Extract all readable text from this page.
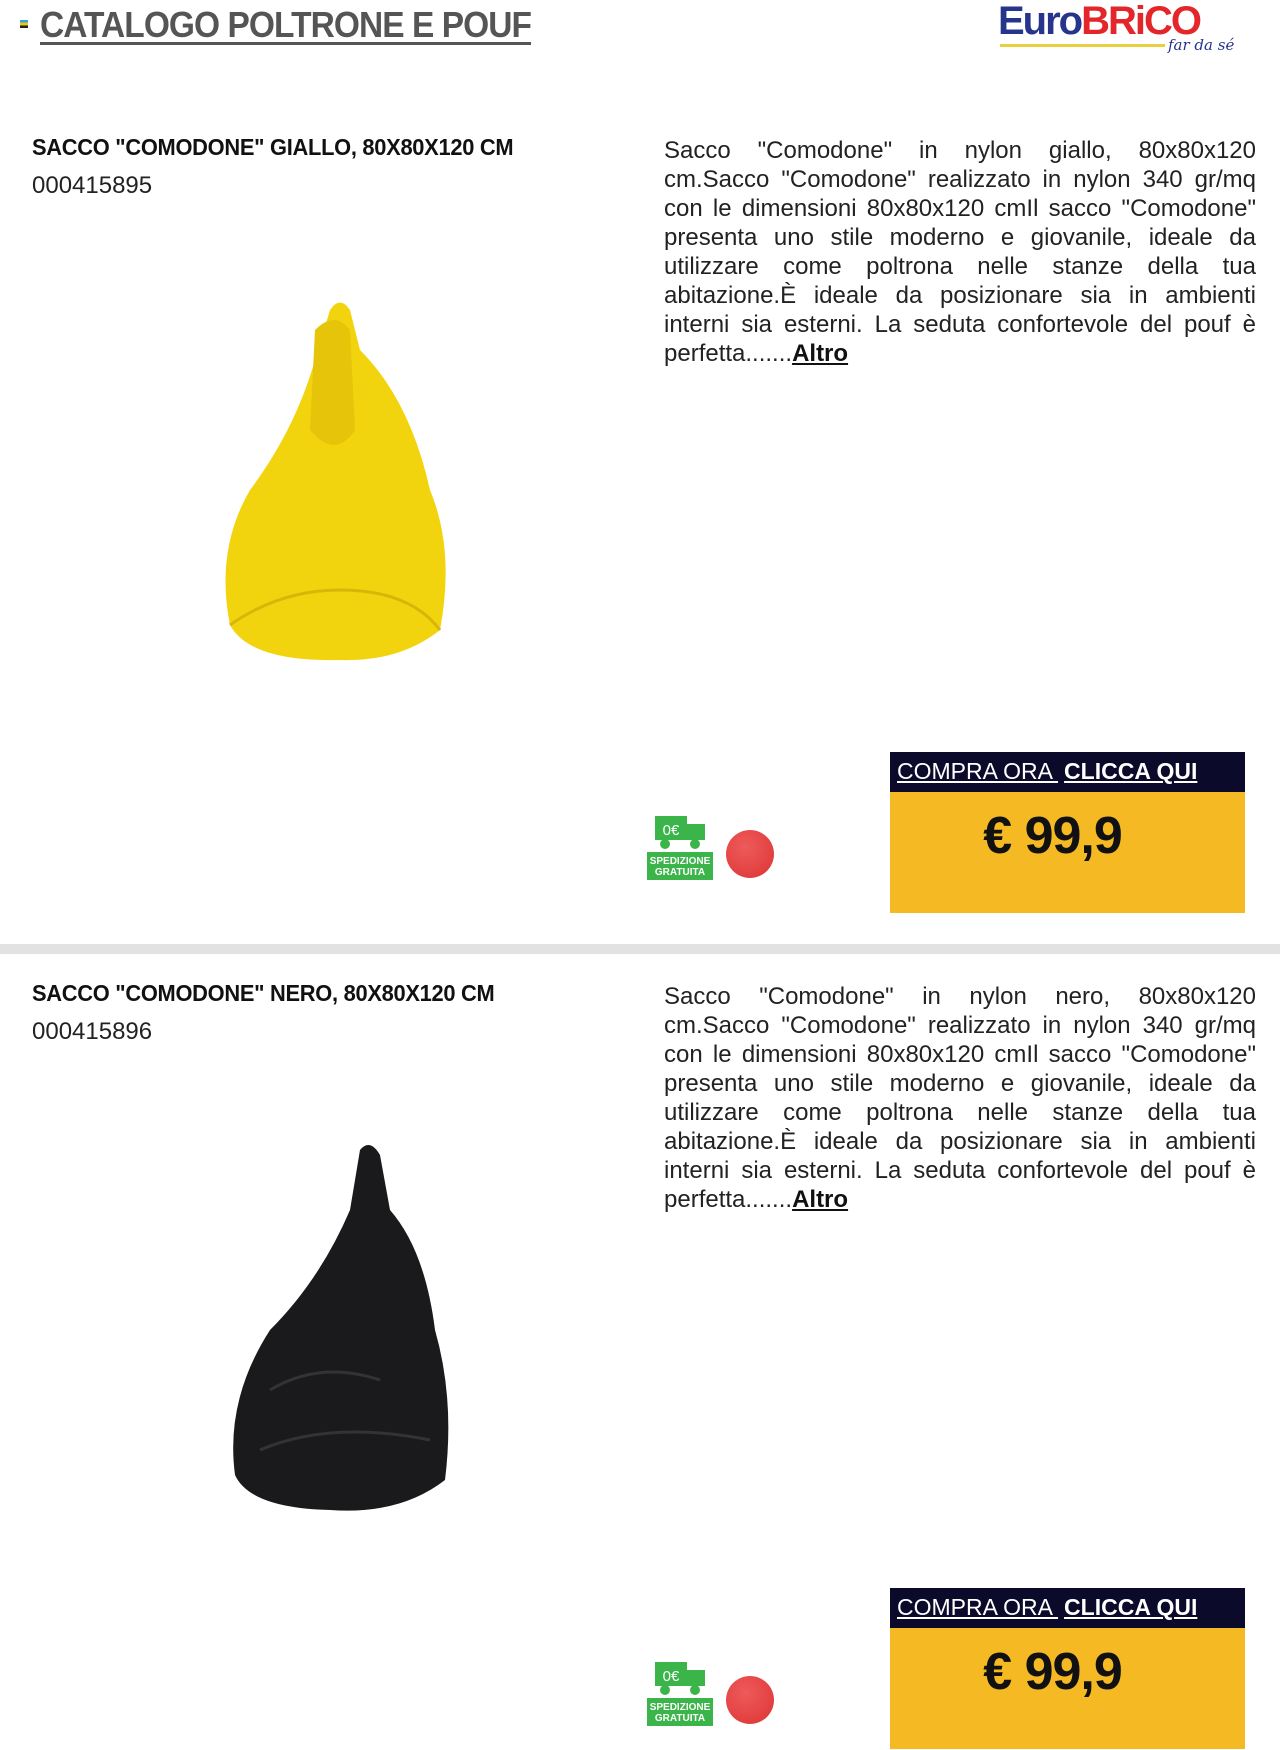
CATALOGO POLTRONE E POUF	EuroBRiCO
far da sé
SACCO "COMODONE" GIALLO, 80X80X120 CM
000415895
Sacco "Comodone" in nylon giallo, 80x80x120 cm.Sacco "Comodone" realizzato in nylon 340 gr/mq con le dimensioni 80x80x120 cmIl sacco "Comodone" presenta uno stile moderno e giovanile, ideale da utilizzare come poltrona nelle stanze della tua abitazione.È ideale da posizionare sia in ambienti interni sia esterni. La seduta confortevole del pouf è perfetta.......Altro
0€
SPEDIZIONE
GRATUITA
COMPRA ORA CLICCA QUI
€ 99,9
SACCO "COMODONE" NERO, 80X80X120 CM
000415896
Sacco "Comodone" in nylon nero, 80x80x120 cm.Sacco "Comodone" realizzato in nylon 340 gr/mq con le dimensioni 80x80x120 cmIl sacco "Comodone" presenta uno stile moderno e giovanile, ideale da utilizzare come poltrona nelle stanze della tua abitazione.È ideale da posizionare sia in ambienti interni sia esterni. La seduta confortevole del pouf è perfetta.......Altro
0€
SPEDIZIONE
GRATUITA
COMPRA ORA CLICCA QUI
€ 99,9
